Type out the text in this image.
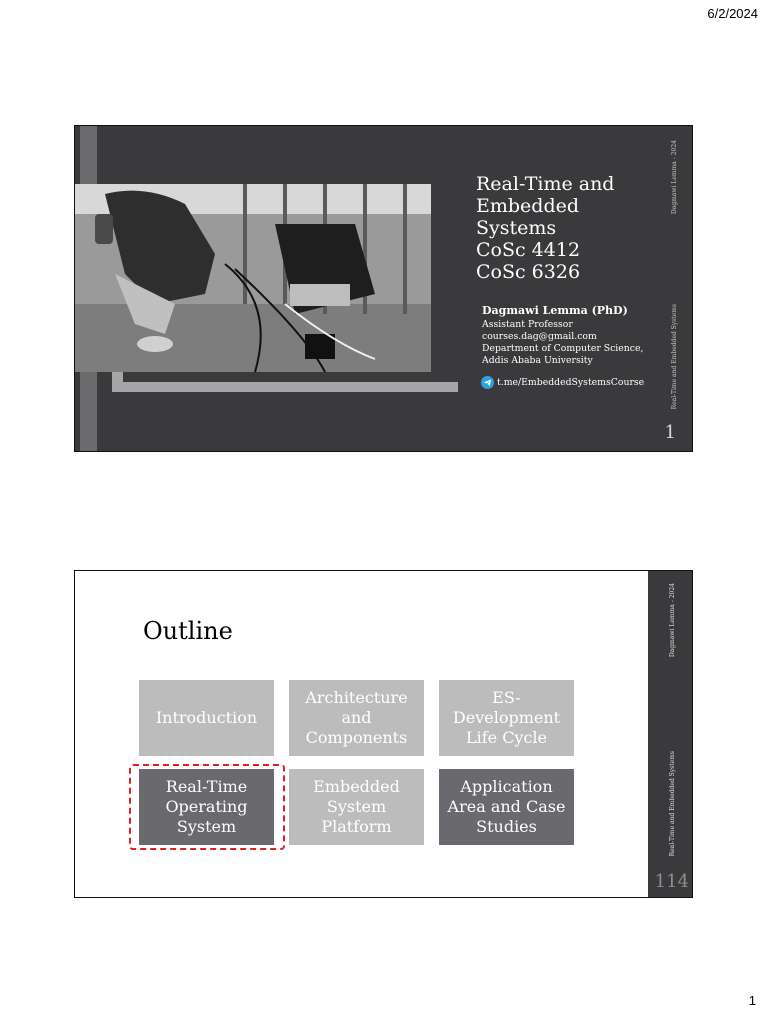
6/2/2024
Real-Time and
Embedded
Systems
CoSc 4412
CoSc 6326
Dagmawi Lemma (PhD)
Assistant Professor
courses.dag@gmail.com
Department of Computer Science,
Addis Ababa University
t.me/EmbeddedSystemsCourse
Dagmawi Lemma - 2024
Real-Time and Embedded Systems
1
Dagmawi Lemma - 2024
Real-Time and Embedded Systems
114
Outline
Introduction
Architecture and Components
ES-Development Life Cycle
Real-Time Operating System
Embedded System Platform
Application Area and Case Studies
1
